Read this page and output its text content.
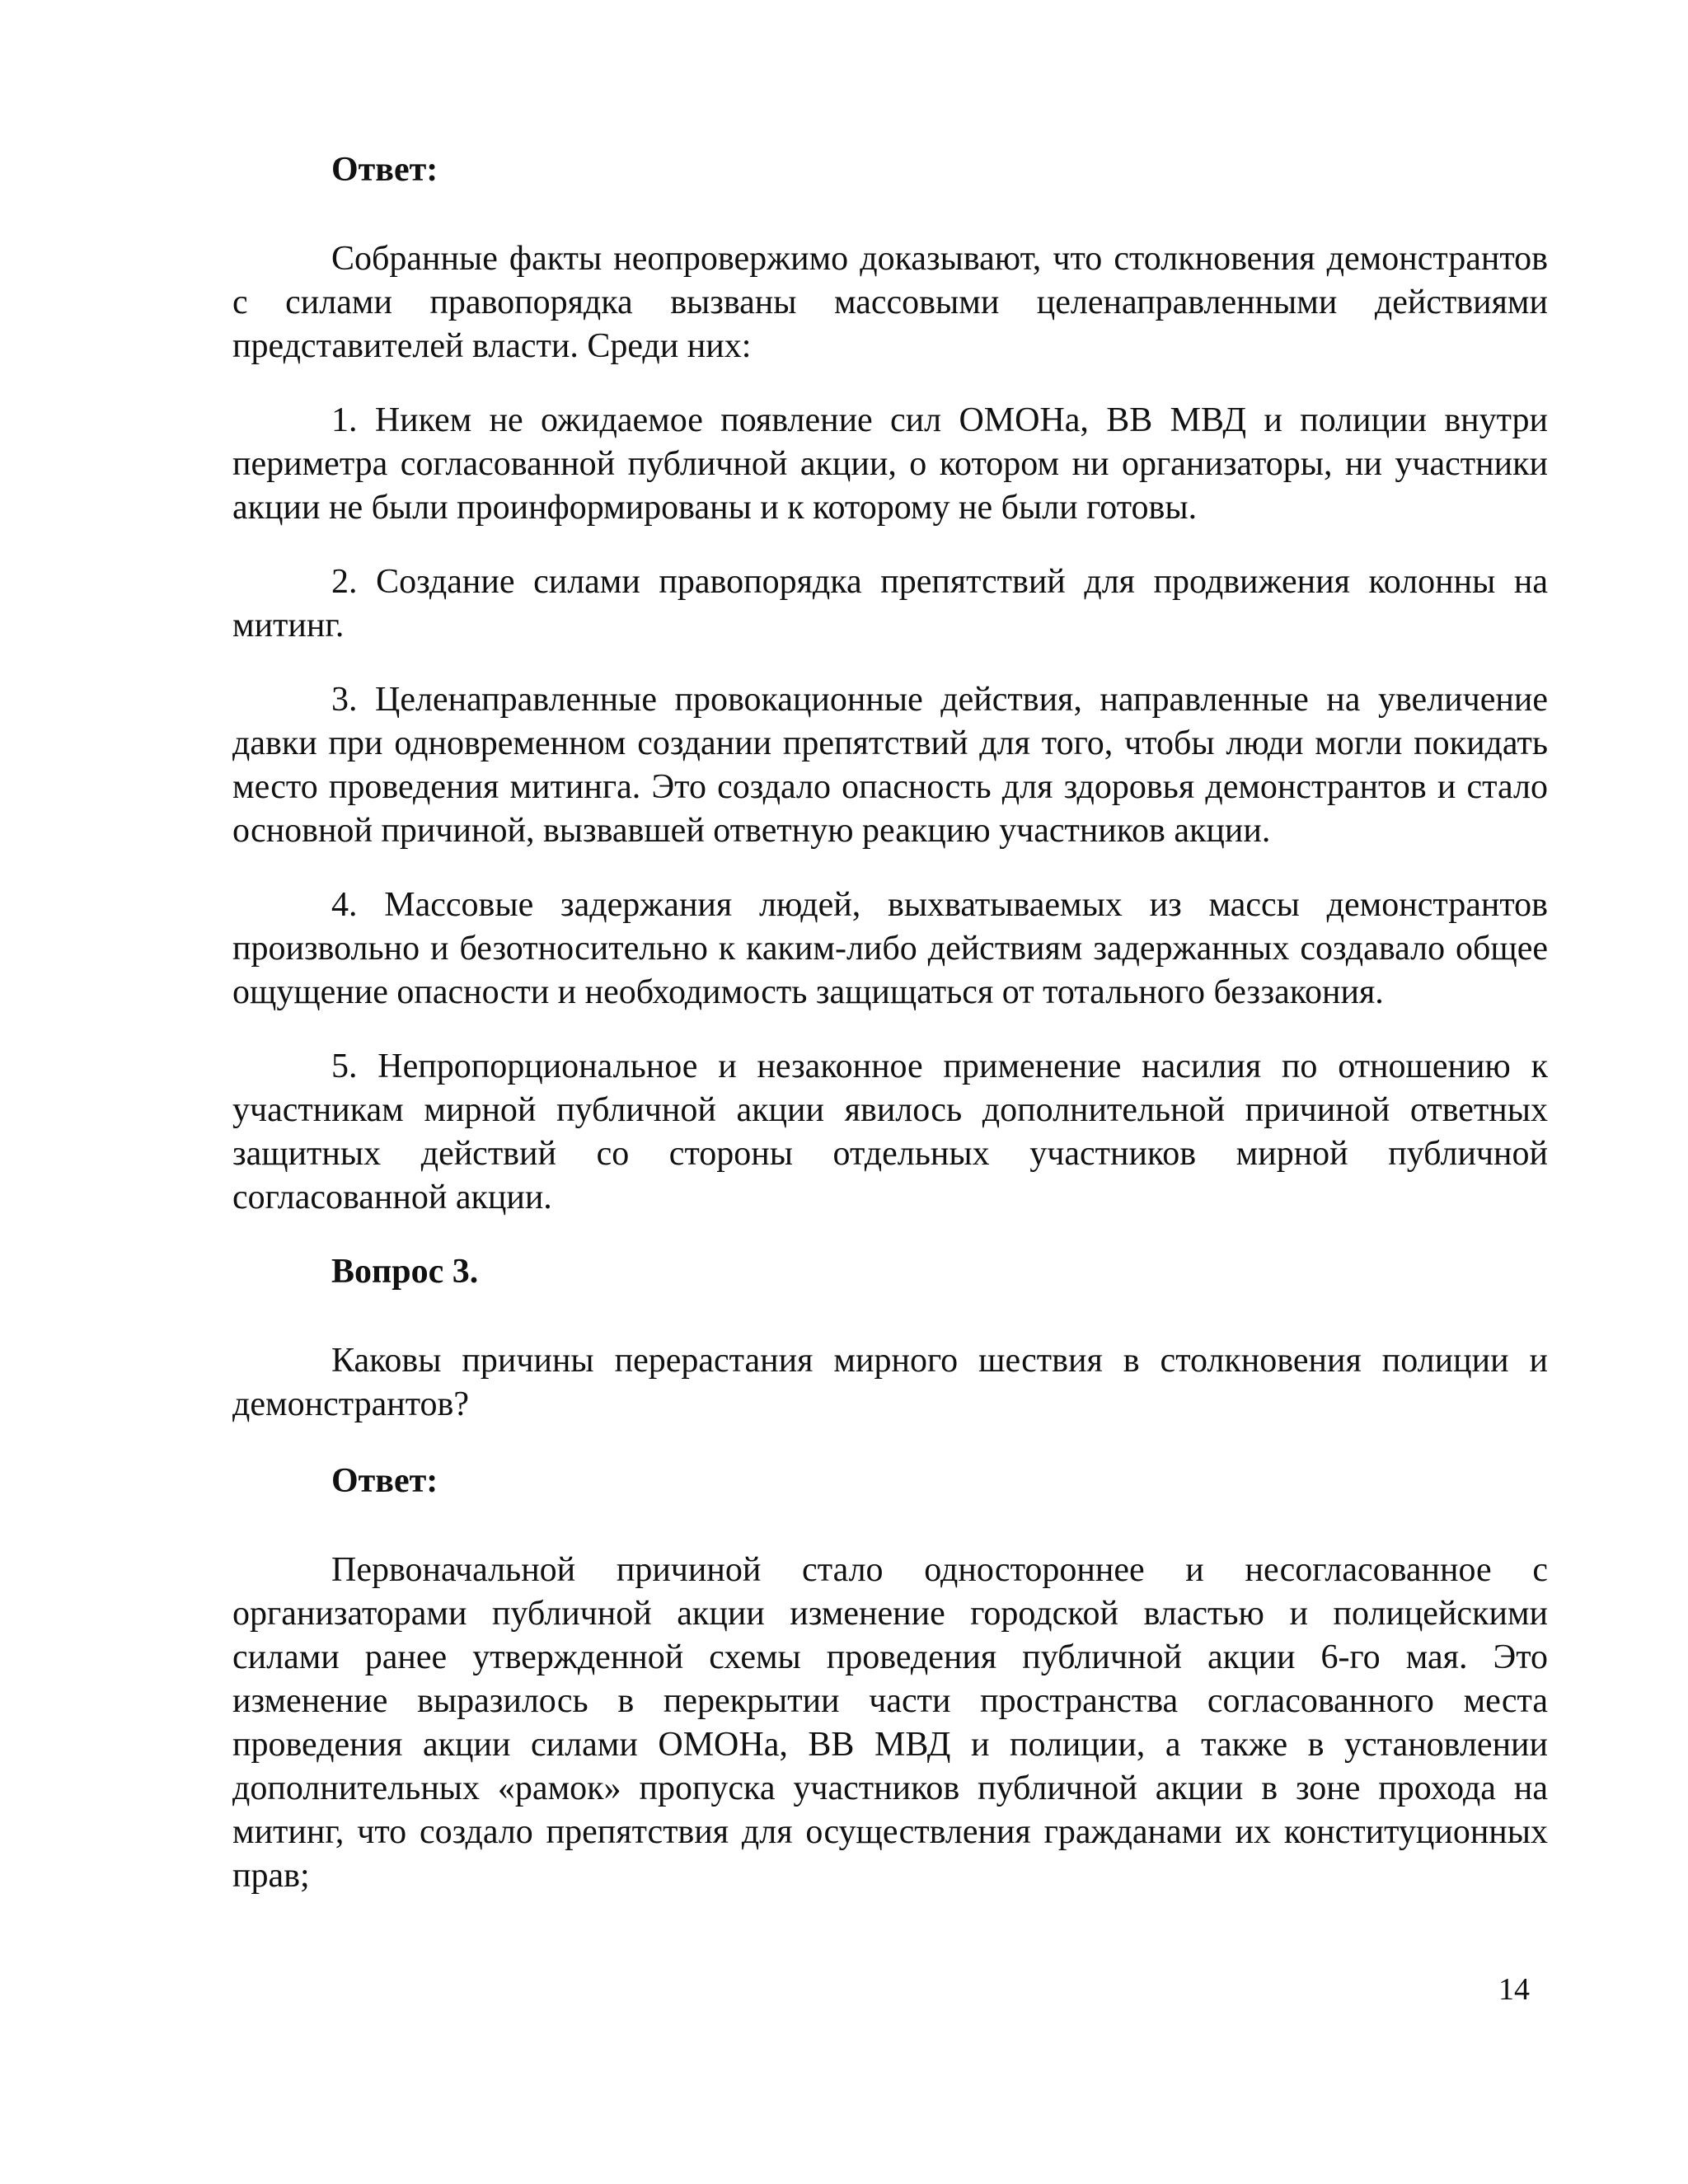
Ответ:

Собранные факты неопровержимо доказывают, что столкновения демонстрантов с силами правопорядка вызваны массовыми целенаправленными действиями представителей власти. Среди них:

1. Никем не ожидаемое появление сил ОМОНа, ВВ МВД и полиции внутри периметра согласованной публичной акции, о котором ни организаторы, ни участники акции не были проинформированы и к которому не были готовы.

2. Создание силами правопорядка препятствий для продвижения колонны на митинг.

3. Целенаправленные провокационные действия, направленные на увеличение давки при одновременном создании препятствий для того, чтобы люди могли покидать место проведения митинга. Это создало опасность для здоровья демонстрантов и стало основной причиной, вызвавшей ответную реакцию участников акции.

4. Массовые задержания людей, выхватываемых из массы демонстрантов произвольно и безотносительно к каким-либо действиям задержанных создавало общее ощущение опасности и необходимость защищаться от тотального беззакония.

5. Непропорциональное и незаконное применение насилия по отношению к участникам мирной публичной акции явилось дополнительной причиной ответных защитных действий со стороны отдельных участников мирной публичной согласованной акции.

Вопрос 3.

Каковы причины перерастания мирного шествия в столкновения полиции и демонстрантов?

Ответ:

Первоначальной причиной стало одностороннее и несогласованное с организаторами публичной акции изменение городской властью и полицейскими силами ранее утвержденной схемы проведения публичной акции 6-го мая. Это изменение выразилось в перекрытии части пространства согласованного места проведения акции силами ОМОНа, ВВ МВД и полиции, а также в установлении дополнительных «рамок» пропуска участников публичной акции в зоне прохода на митинг, что создало препятствия для осуществления гражданами их конституционных прав;

14
